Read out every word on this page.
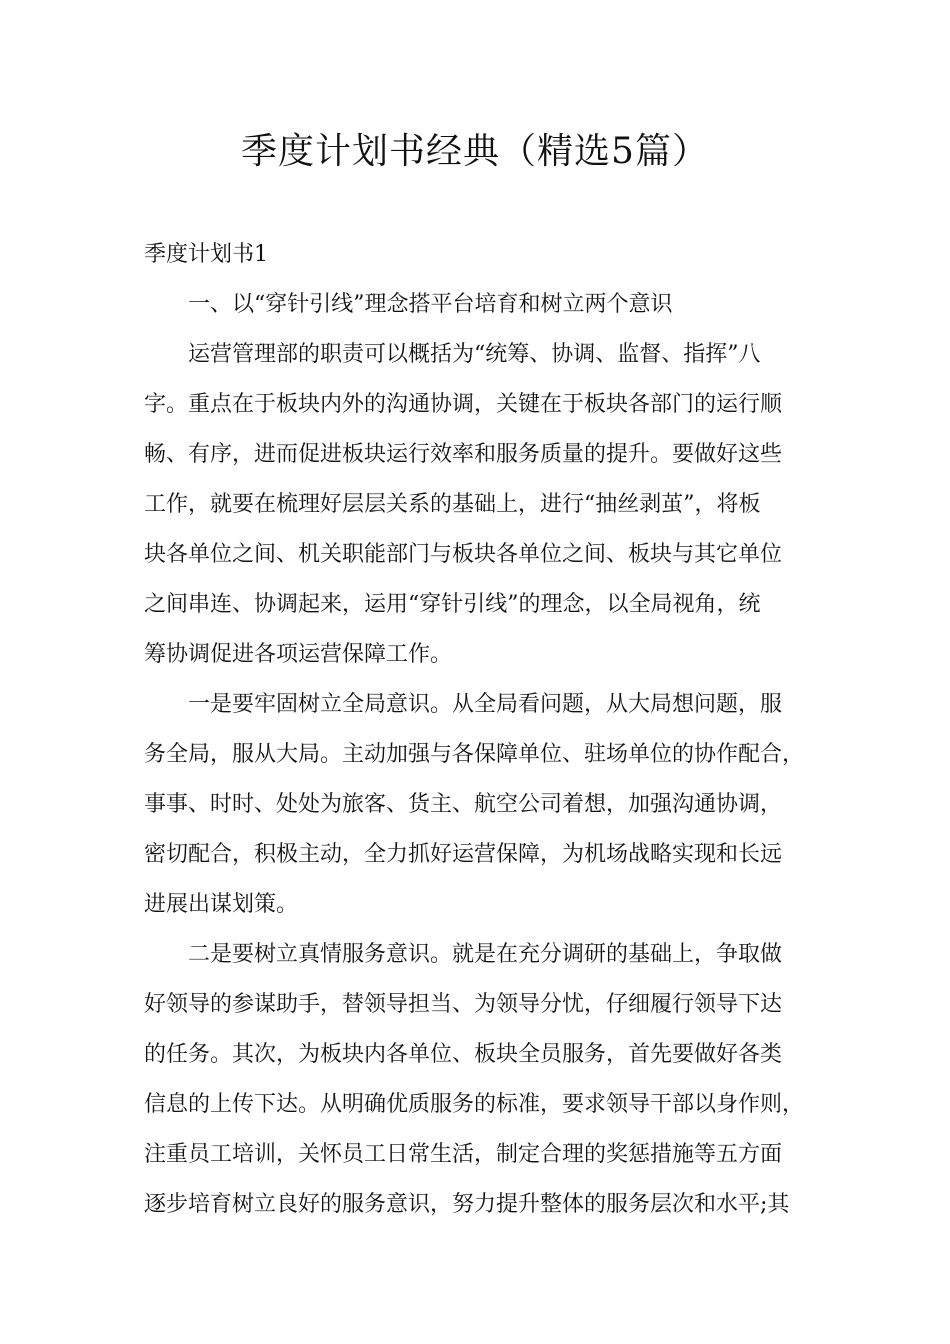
季度计划书经典（精选5篇）
季度计划书1
一、以“穿针引线”理念搭平台培育和树立两个意识
运营管理部的职责可以概括为“统筹、协调、监督、指挥”八
字。重点在于板块内外的沟通协调，关键在于板块各部门的运行顺
畅、有序，进而促进板块运行效率和服务质量的提升。要做好这些
工作，就要在梳理好层层关系的基础上，进行“抽丝剥茧”，将板
块各单位之间、机关职能部门与板块各单位之间、板块与其它单位
之间串连、协调起来，运用“穿针引线”的理念，以全局视角，统
筹协调促进各项运营保障工作。
一是要牢固树立全局意识。从全局看问题，从大局想问题，服
务全局，服从大局。主动加强与各保障单位、驻场单位的协作配合，
事事、时时、处处为旅客、货主、航空公司着想，加强沟通协调，
密切配合，积极主动，全力抓好运营保障，为机场战略实现和长远
进展出谋划策。
二是要树立真情服务意识。就是在充分调研的基础上，争取做
好领导的参谋助手，替领导担当、为领导分忧，仔细履行领导下达
的任务。其次，为板块内各单位、板块全员服务，首先要做好各类
信息的上传下达。从明确优质服务的标准，要求领导干部以身作则，
注重员工培训，关怀员工日常生活，制定合理的奖惩措施等五方面
逐步培育树立良好的服务意识，努力提升整体的服务层次和水平;其
